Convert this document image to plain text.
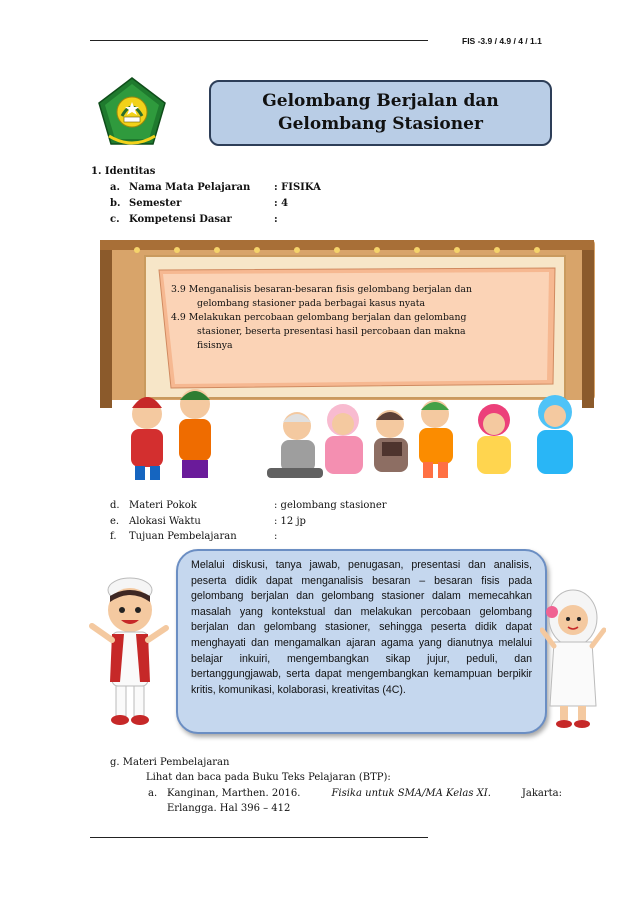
FIS -3.9 / 4.9 / 4 / 1.1
Gelombang Berjalan dan
Gelombang Stasioner
1. Identitas
a. Nama Mata Pelajaran : FISIKA
b. Semester	: 4
c. Kompetensi Dasar	:

3.9 Menganalisis besaran-besaran fisis gelombang berjalan dan

gelombang stasioner pada berbagai kasus nyata

4.9 Melakukan percobaan gelombang berjalan dan gelombang

stasioner, beserta presentasi hasil percobaan dan makna

fisisnya

d. Materi Pokok	: gelombang stasioner
e. Alokasi Waktu	: 12 jp
f. Tujuan Pembelajaran	:
Melalui diskusi, tanya jawab, penugasan, presentasi dan analisis, peserta didik dapat menganalisis besaran – besaran fisis pada gelombang berjalan dan gelombang stasioner dalam memecahkan masalah yang kontekstual dan melakukan percobaan gelombang berjalan dan gelombang stasioner, sehingga peserta didik dapat menghayati dan mengamalkan ajaran agama yang dianutnya melalui belajar inkuiri, mengembangkan sikap jujur, peduli, dan bertanggungjawab, serta dapat mengembangkan kemampuan berpikir kritis, komunikasi, kolaborasi, kreativitas (4C).
g. Materi Pembelajaran
Lihat dan baca pada Buku Teks Pelajaran (BTP):
a. Kanginan, Marthen. 2016.	Fisika untuk SMA/MA Kelas XI.	Jakarta:
Erlangga. Hal 396 – 412
